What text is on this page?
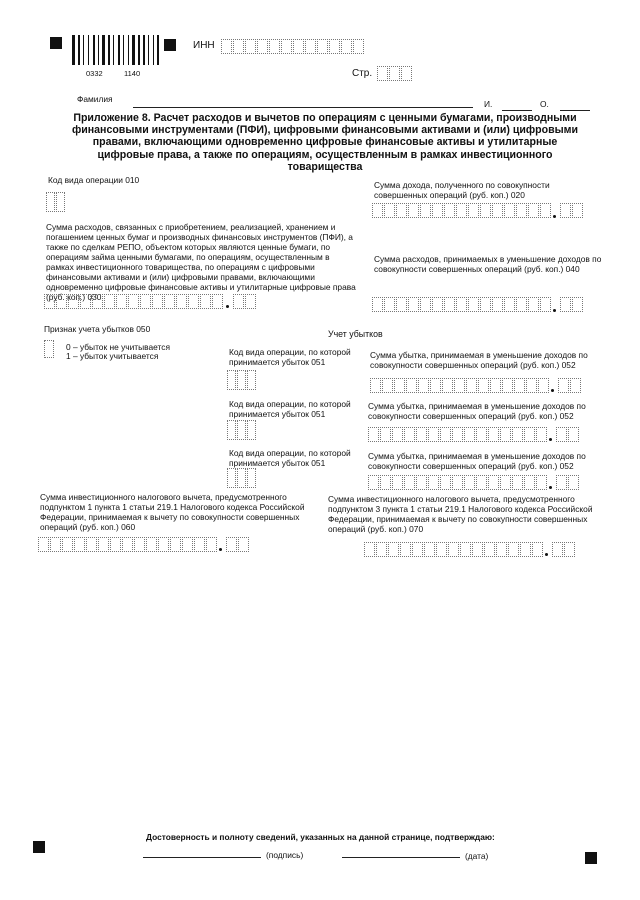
0332	1140
ИНН
Стр.
Фамилия	И.	О.
Приложение 8. Расчет расходов и вычетов по операциям с ценными бумагами, производными финансовыми инструментами (ПФИ), цифровыми финансовыми активами и (или) цифровыми правами, включающими одновременно цифровые финансовые активы и утилитарные цифровые права, а также по операциям, осуществленным в рамках инвестиционного товарищества
Код вида операции 010	Сумма дохода, полученного по совокупности совершенных операций (руб. коп.) 020
Сумма расходов, связанных с приобретением, реализацией, хранением и погашением ценных бумаг и производных финансовых инструментов (ПФИ), а также по сделкам РЕПО, объектом которых являются ценные бумаги, по операциям займа ценными бумагами, по операциям, осуществленным в рамках инвестиционного товарищества, по операциям с цифровыми финансовыми активами и (или) цифровыми правами, включающими одновременно цифровые финансовые активы и утилитарные цифровые права (руб. коп.) 030
Сумма расходов, принимаемых в уменьшение доходов по совокупности совершенных операций (руб. коп.) 040
Признак учета убытков 050
0 – убыток не учитывается
1 – убыток учитывается
Учет убытков
Код вида операции, по которой принимается убыток 051
Сумма убытка, принимаемая в уменьшение доходов по совокупности совершенных операций (руб. коп.) 052
Код вида операции, по которой принимается убыток 051
Сумма убытка, принимаемая в уменьшение доходов по совокупности совершенных операций (руб. коп.) 052
Код вида операции, по которой принимается убыток 051
Сумма убытка, принимаемая в уменьшение доходов по совокупности совершенных операций (руб. коп.) 052
Сумма инвестиционного налогового вычета, предусмотренного подпунктом 1 пункта 1 статьи 219.1 Налогового кодекса Российской Федерации, принимаемая к вычету по совокупности совершенных операций (руб. коп.) 060
Сумма инвестиционного налогового вычета, предусмотренного подпунктом 3 пункта 1 статьи 219.1 Налогового кодекса Российской Федерации, принимаемая к вычету по совокупности совершенных операций (руб. коп.) 070
Достоверность и полноту сведений, указанных на данной странице, подтверждаю:
(подпись)	(дата)
